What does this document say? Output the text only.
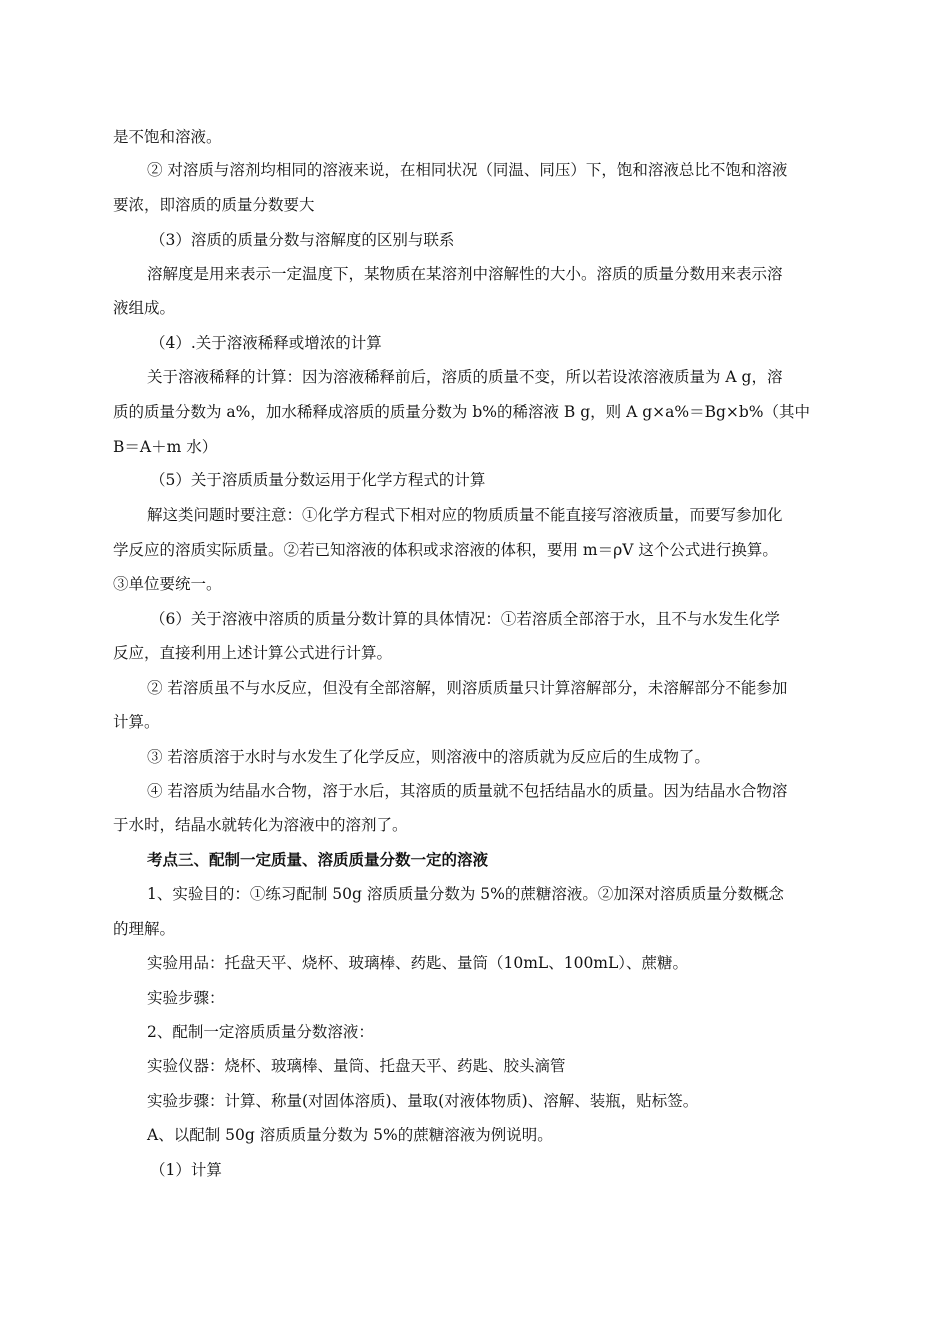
是不饱和溶液。
② 对溶质与溶剂均相同的溶液来说，在相同状况（同温、同压）下，饱和溶液总比不饱和溶液
要浓，即溶质的质量分数要大
（3）溶质的质量分数与溶解度的区别与联系
溶解度是用来表示一定温度下，某物质在某溶剂中溶解性的大小。溶质的质量分数用来表示溶
液组成。
（4）.关于溶液稀释或增浓的计算
关于溶液稀释的计算：因为溶液稀释前后，溶质的质量不变，所以若设浓溶液质量为 A g，溶
质的质量分数为 a%，加水稀释成溶质的质量分数为 b%的稀溶液 B g，则 A g×a%＝Bg×b%（其中
B＝A＋m 水）
（5）关于溶质质量分数运用于化学方程式的计算
解这类问题时要注意：①化学方程式下相对应的物质质量不能直接写溶液质量，而要写参加化
学反应的溶质实际质量。②若已知溶液的体积或求溶液的体积，要用 m＝ρV 这个公式进行换算。
③单位要统一。
（6）关于溶液中溶质的质量分数计算的具体情况：①若溶质全部溶于水，且不与水发生化学
反应，直接利用上述计算公式进行计算。
② 若溶质虽不与水反应，但没有全部溶解，则溶质质量只计算溶解部分，未溶解部分不能参加
计算。
③ 若溶质溶于水时与水发生了化学反应，则溶液中的溶质就为反应后的生成物了。
④ 若溶质为结晶水合物，溶于水后，其溶质的质量就不包括结晶水的质量。因为结晶水合物溶
于水时，结晶水就转化为溶液中的溶剂了。
考点三、配制一定质量、溶质质量分数一定的溶液
1、实验目的：①练习配制 50g 溶质质量分数为 5%的蔗糖溶液。②加深对溶质质量分数概念
的理解。
实验用品：托盘天平、烧杯、玻璃棒、药匙、量筒（10mL、100mL）、蔗糖。
实验步骤：
2、配制一定溶质质量分数溶液：
实验仪器：烧杯、玻璃棒、量筒、托盘天平、药匙、胶头滴管
实验步骤：计算、称量(对固体溶质)、量取(对液体物质)、溶解、装瓶，贴标签。
A、以配制 50g 溶质质量分数为 5%的蔗糖溶液为例说明。
（1）计算
